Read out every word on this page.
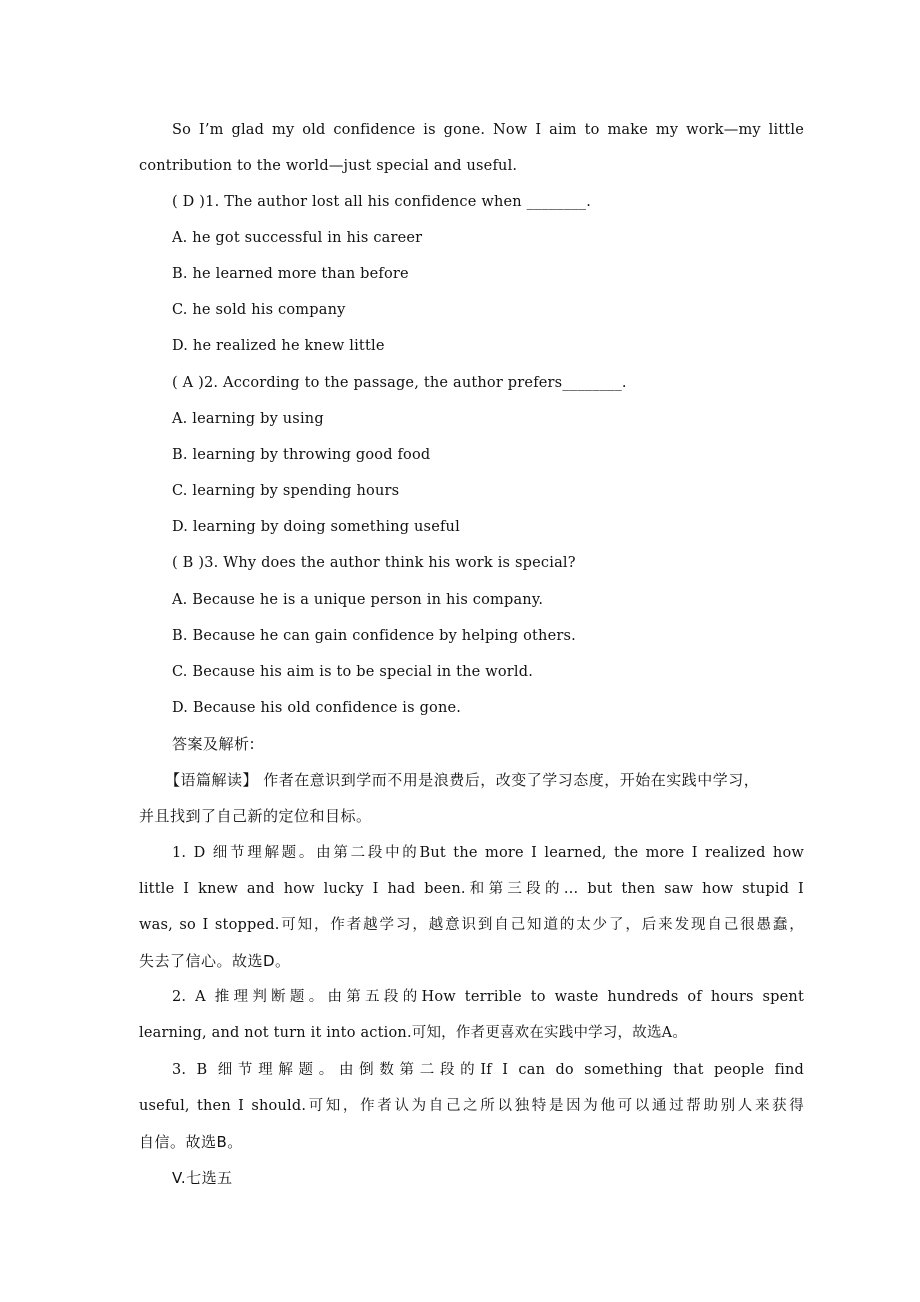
So I’m glad my old confidence is gone. Now I aim to make my work—my little
contribution to the world—just special and useful.
( D )1. The author lost all his confidence when ________.
A. he got successful in his career
B. he learned more than before
C. he sold his company
D. he realized he knew little
( A )2. According to the passage, the author prefers________.
A. learning by using
B. learning by throwing good food
C. learning by spending hours
D. learning by doing something useful
( B )3. Why does the author think his work is special?
A. Because he is a unique person in his company.
B. Because he can gain confidence by helping others.
C. Because his aim is to be special in the world.
D. Because his old confidence is gone.
答案及解析:
【语篇解读】 作者在意识到学而不用是浪费后，改变了学习态度，开始在实践中学习，
并且找到了自己新的定位和目标。
1. D 细节理解题。由第二段中的But the more I learned, the more I realized how
little I knew and how lucky I had been.和第三段的… but then saw how stupid I
was, so I stopped.可知，作者越学习，越意识到自己知道的太少了，后来发现自己很愚蠢，
失去了信心。故选D。
2. A 推理判断题。由第五段的How terrible to waste hundreds of hours spent
learning, and not turn it into action.可知，作者更喜欢在实践中学习，故选A。
3. B 细节理解题。由倒数第二段的If I can do something that people find
useful, then I should.可知，作者认为自己之所以独特是因为他可以通过帮助别人来获得
自信。故选B。
V.七选五
